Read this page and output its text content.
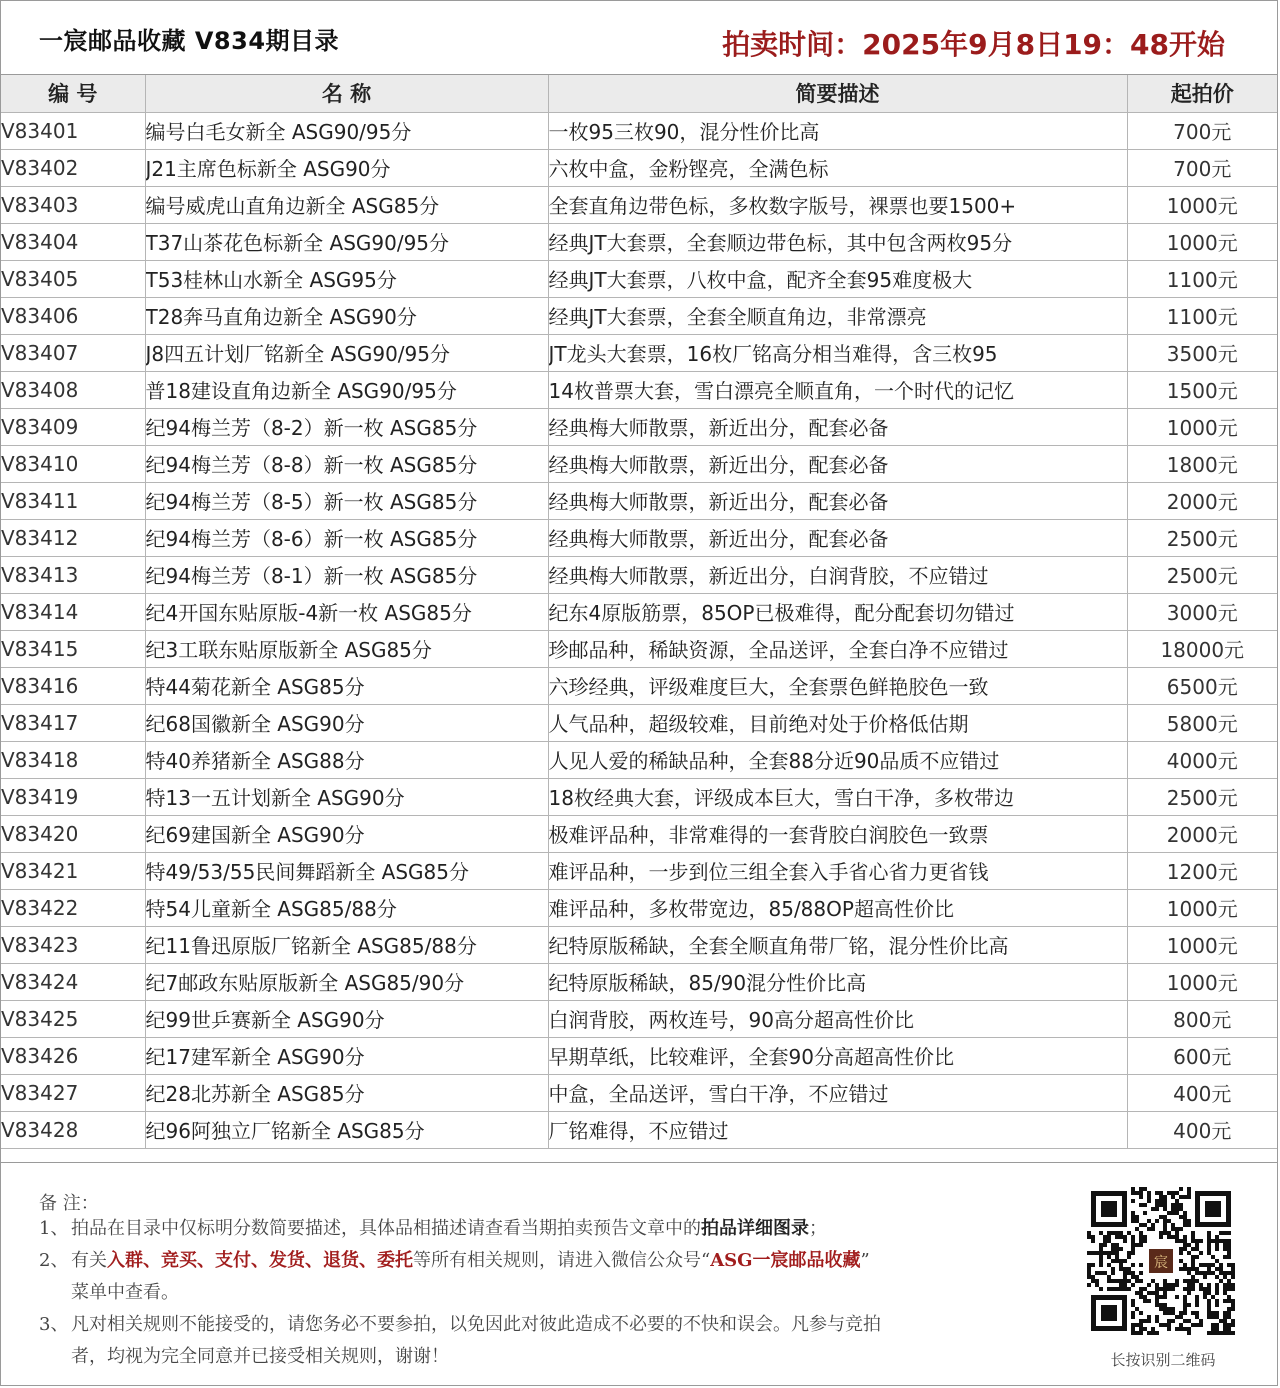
一宸邮品收藏 V834期目录	拍卖时间：2025年9月8日19：48开始
编 号	名 称	简要描述	起拍价
V83401	编号白毛女新全 ASG90/95分	一枚95三枚90，混分性价比高	700元
V83402	J21主席色标新全 ASG90分	六枚中盒，金粉铿亮，全满色标	700元
V83403	编号威虎山直角边新全 ASG85分	全套直角边带色标，多枚数字版号，裸票也要1500+	1000元
V83404	T37山茶花色标新全 ASG90/95分	经典JT大套票，全套顺边带色标，其中包含两枚95分	1000元
V83405	T53桂林山水新全 ASG95分	经典JT大套票，八枚中盒，配齐全套95难度极大	1100元
V83406	T28奔马直角边新全 ASG90分	经典JT大套票，全套全顺直角边，非常漂亮	1100元
V83407	J8四五计划厂铭新全 ASG90/95分	JT龙头大套票，16枚厂铭高分相当难得，含三枚95	3500元
V83408	普18建设直角边新全 ASG90/95分	14枚普票大套，雪白漂亮全顺直角，一个时代的记忆	1500元
V83409	纪94梅兰芳（8-2）新一枚 ASG85分	经典梅大师散票，新近出分，配套必备	1000元
V83410	纪94梅兰芳（8-8）新一枚 ASG85分	经典梅大师散票，新近出分，配套必备	1800元
V83411	纪94梅兰芳（8-5）新一枚 ASG85分	经典梅大师散票，新近出分，配套必备	2000元
V83412	纪94梅兰芳（8-6）新一枚 ASG85分	经典梅大师散票，新近出分，配套必备	2500元
V83413	纪94梅兰芳（8-1）新一枚 ASG85分	经典梅大师散票，新近出分，白润背胶，不应错过	2500元
V83414	纪4开国东贴原版-4新一枚 ASG85分	纪东4原版筋票，85OP已极难得，配分配套切勿错过	3000元
V83415	纪3工联东贴原版新全 ASG85分	珍邮品种，稀缺资源，全品送评，全套白净不应错过	18000元
V83416	特44菊花新全 ASG85分	六珍经典，评级难度巨大，全套票色鲜艳胶色一致	6500元
V83417	纪68国徽新全 ASG90分	人气品种，超级较难，目前绝对处于价格低估期	5800元
V83418	特40养猪新全 ASG88分	人见人爱的稀缺品种，全套88分近90品质不应错过	4000元
V83419	特13一五计划新全 ASG90分	18枚经典大套，评级成本巨大，雪白干净，多枚带边	2500元
V83420	纪69建国新全 ASG90分	极难评品种，非常难得的一套背胶白润胶色一致票	2000元
V83421	特49/53/55民间舞蹈新全 ASG85分	难评品种，一步到位三组全套入手省心省力更省钱	1200元
V83422	特54儿童新全 ASG85/88分	难评品种，多枚带宽边，85/88OP超高性价比	1000元
V83423	纪11鲁迅原版厂铭新全 ASG85/88分	纪特原版稀缺，全套全顺直角带厂铭，混分性价比高	1000元
V83424	纪7邮政东贴原版新全 ASG85/90分	纪特原版稀缺，85/90混分性价比高	1000元
V83425	纪99世乒赛新全 ASG90分	白润背胶，两枚连号，90高分超高性价比	800元
V83426	纪17建军新全 ASG90分	早期草纸，比较难评，全套90分高超高性价比	600元
V83427	纪28北苏新全 ASG85分	中盒，全品送评，雪白干净，不应错过	400元
V83428	纪96阿独立厂铭新全 ASG85分	厂铭难得，不应错过	400元
备 注：
1、 拍品在目录中仅标明分数简要描述，具体品相描述请查看当期拍卖预告文章中的拍品详细图录；
2、 有关入群、竞买、支付、发货、退货、委托等所有相关规则，请进入微信公众号“ASG一宸邮品收藏”
菜单中查看。
3、 凡对相关规则不能接受的，请您务必不要参拍，以免因此对彼此造成不必要的不快和误会。凡参与竞拍
者，均视为完全同意并已接受相关规则，谢谢！
宸
长按识别二维码
